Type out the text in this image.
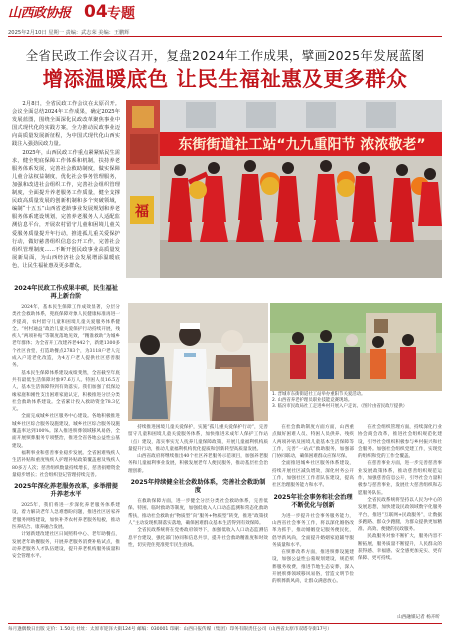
山西政协报 04 专题
2025年2月10日 星期一 责编：武志荣 美编：王鹏辉
全省民政工作会议召开，复盘2024年工作成果，擘画2025年发展蓝图
增添温暖底色 让民生福祉惠及更多群众

2月8日，全省民政工作会议在太原召开。会议全面总结2024年工作成果，确定2025年发展蓝图，围绕全面深化民政改革聚焦事业中国式现代化的实践方案，全力推动民政事业迈向高质量发展新征程，为中国式现代化山西实践注入强劲民政力量。

2025年，山西民政工作重点紧紧贴民生需求，健全兜底保障工作体系和机制，扶持养老服务体系发展，完善社会救助制度，做实保障儿童合法权益制度，优化社会事务管理服务，加强和改进社会组织工作，完善社会组织管理制度，全面提升养老服务工作质量，健全支撑民政高质量发展的创新机制和多个突破领域，编制“十五五”山西省老龄事业发展规划和养老服务体系建设规划，完善养老服务人人适配监测信息平台，开展农村留守儿童和困境儿童关爱服务质量提升年行动，推进孤儿重关爱保护行动，做好慈善组织信息公开工作，完善社会组织管理制度……不断开创民政事业高质量发展新局面，为山西经济社会发展增添温暖底色，让民生福祉惠及更多群众。

东街街道社工站“九九重阳节 浓浓敬老”
福
2024年民政工作成果丰硕，民生福祉再上新台阶

2024年，基本民生保障工作成效显著，分层分类社会救助体系，兜底保障对象人民健康标准再进一步提高，农村留守儿童和困境儿童关爱服务体系健全。“村村通益”政治儿童关爱保护行动持续开展，残疾人“两项补贴”等制度落地见效，“精准救助”为城乡老年群体；为全省开工改建养老442个，新建1300多个社区食堂，打造助餐点2783个，为3118户老人完成入户适老化改造，为4万户老人提供社区慈善服务。

基本民生保障体系建设成绩斐然，全省截至年底共有最低生活保障对象97.6万人。特困人员16.5万人，基本生活保障得到有效落实。我们加强了低保边缘家庭和刚性支出困难家庭认定，积极推进分层分类社会救助体系建设。全省累计投入救助资金78.3亿元。

全面完成城乡社区服务中心建设。各地积极推进城乡社区综合服务设施建设，城乡社区综合服务设施覆盖率达到100%。深入推进殡葬领域移风易俗，全面开展殡葬服务专项整治，推进全省各地公益性公墓建设。

福利事业和慈善事业稳步发展。全省困难残疾人生活补贴和重度残疾人护理补贴政策覆盖惠及残疾人80多万人次；慈善组织数量持续增长，慈善捐赠资金量稳步增长；社会组织登记管理持续完善。

2025年深化养老服务改革，多举措提升养老水平

2025年，我们将进一步深化养老服务体系建设，着力解决老年人急难愁盼问题，推进社区居家养老服务网络建设，加快补齐农村养老服务短板，推动医养结合、康养融合发展。

计划新建改建社区日间照料中心、老年助餐点，发展老年助餐服务，开展养老服务消费补贴试点，推动养老服务人才队伍建设，提升养老机构服务质量和安全管理水平。

1. 晋城市东街街道社工站举办重阳节关爱活动。
2. 山西省养老护理员职业技能竞赛现场。
3. 临汾市民政局社工走进乡村开展入户走访。（图片由省民政厅提供）

持续推进困境儿童关爱保护，实施“孤儿重关爱保护行动”，完善留守儿童和困境儿童关爱服务体系，加快推进未成年人保护工作站（点）建设，落实事实无人抚养儿童保障政策，开展儿童福利机构质量提升行动，推动儿童福利机构优化提质和创新转型高质量发展。

山西省政府将继续推出40个社区养老服务示范项目，加强养老服务和儿童福利事业发展，积极发展老年人便民服务，推动基层社会治理创新。

2025年持续健全社会救助体系，完善社会救助制度

在救助保障方面，进一步健全分层分类社会救助体系，完善低保、特困、临时救助等制度，加强低收入人口动态监测和常态化救助帮扶，推动社会救助由“物质型”向“服务+物质型”转变，推进“政策找人”主动发现机制落实落地，确保困难群众基本生活得到有效保障。

全省民政系统将在党委政府领导下，加强低收入人口动态监测信息平台建设，强化部门协同和信息共享，提升社会救助精准度和时效性，切实兜住兜准兜牢民生底线。

在社会救助制度方面方面，山西重点做好困难人员、特困人员供养、残疾人两项补贴及困境儿童基本生活保障等工作，完善“一站式”救助服务，加强部门协同联动，确保困难群众应保尽保。

全面推进城乡社区服务体系建设，持续开展社区减负增效，深化村务公开工作，加强社区工作者队伍建设，提高社区治理服务能力和水平。

2025年社会事务和社会治理不断优化与创新

为进一步提升社会事务服务能力，山西省社会事务工作，将以深化婚俗改革为抓手，推动婚姻登记服务便民化，倡导新风尚，全面提升婚姻家庭辅导服务质量和水平。

在殡葬改革方面，推进殡葬设施建设，加强公益性公墓规划建设，规范殡葬服务收费，推进节地生态安葬，深入开展殡葬领域移风易俗，营造文明节俭的殡葬新风尚，让群众满意放心。

在社会组织管理方面，持续深化行业协会商会改革，推进社会组织规范化建设，引导社会组织积极参与乡村振兴和社会服务。加强社会组织党建工作，实现党的组织和党的工作全覆盖。

在慈善事业方面，进一步完善慈善事业发展政策体系，推动慈善组织规范运作，加强慈善信息公开，引导社会力量积极参与慈善事业，发展壮大慈善组织和志愿服务队伍。

全省民政系统将坚持以人民为中心的发展思想，加快建设民政领域数字化服务平台，推进“互联网+民政服务”，让数据多跑路、群众少跑腿，为群众提供更加精准、高效、便捷的民政服务。

民政服务对象不断扩大，服务内容不断拓展，服务质量不断提升，人民群众的获得感、幸福感、安全感更加充实、更有保障、更可持续。

山西融媒记者 杨卉昕
每月逢偶数日出版 定价：1.50元 社址：太原市迎泽大街124号 邮编：030001 印刷：山西日报传媒（集团）印务有限责任公司（山西省太原市双塔寺街17号）
